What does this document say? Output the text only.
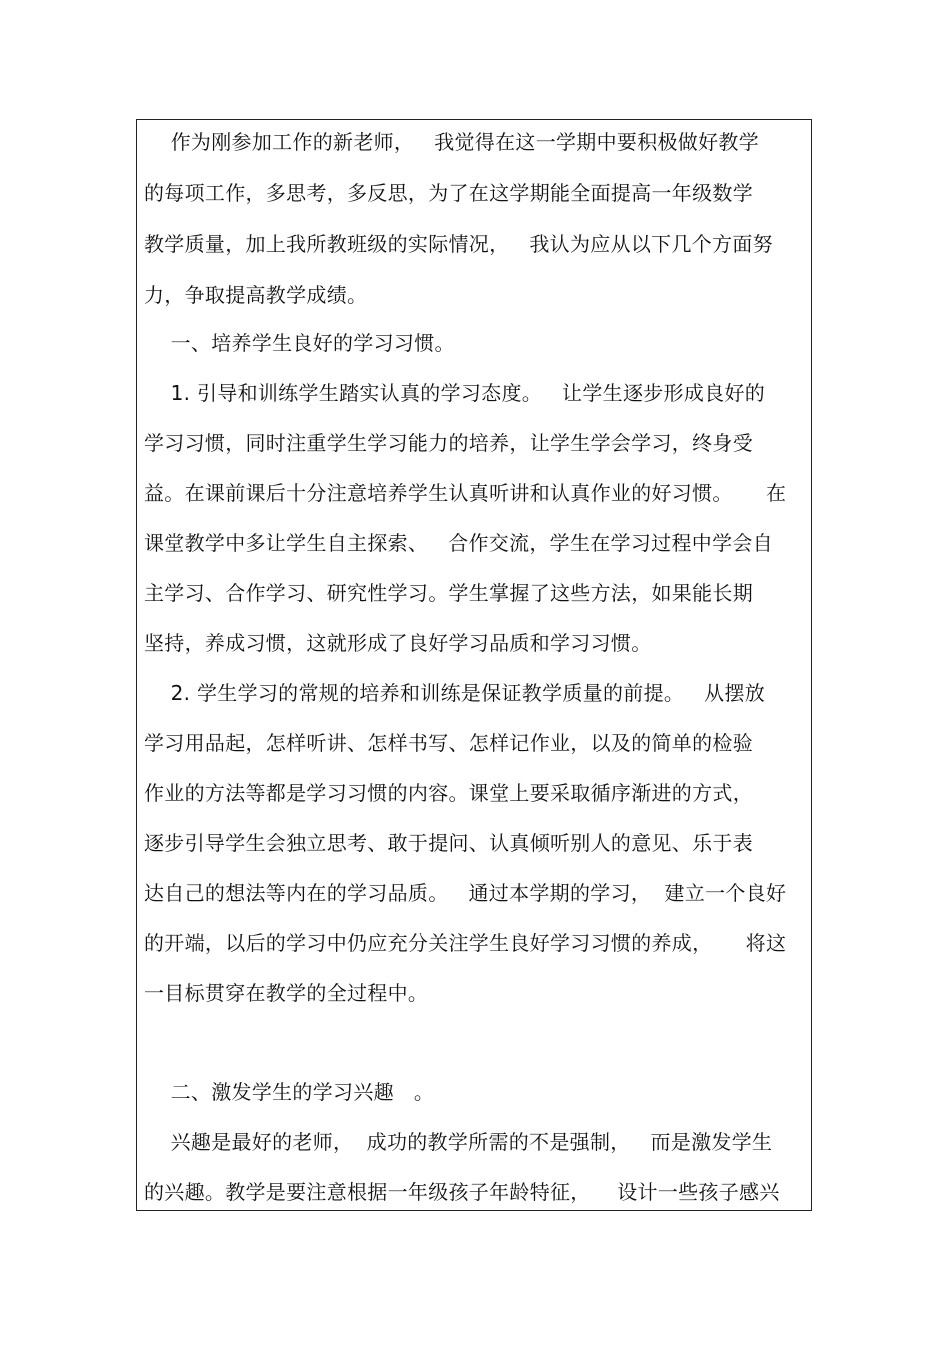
作为刚参加工作的新老师，   我觉得在这一学期中要积极做好教学
的每项工作，多思考，多反思，为了在这学期能全面提高一年级数学
教学质量，加上我所教班级的实际情况，   我认为应从以下几个方面努
力，争取提高教学成绩。
一、培养学生良好的学习习惯。
1. 引导和训练学生踏实认真的学习态度。   让学生逐步形成良好的
学习习惯，同时注重学生学习能力的培养，让学生学会学习，终身受
益。在课前课后十分注意培养学生认真听讲和认真作业的好习惯。     在
课堂教学中多让学生自主探索、   合作交流，学生在学习过程中学会自
主学习、合作学习、研究性学习。学生掌握了这些方法，如果能长期
坚持，养成习惯，这就形成了良好学习品质和学习习惯。
2. 学生学习的常规的培养和训练是保证教学质量的前提。   从摆放
学习用品起，怎样听讲、怎样书写、怎样记作业，以及的简单的检验
作业的方法等都是学习习惯的内容。课堂上要采取循序渐进的方式，
逐步引导学生会独立思考、敢于提问、认真倾听别人的意见、乐于表
达自己的想法等内在的学习品质。   通过本学期的学习，  建立一个良好
的开端，以后的学习中仍应充分关注学生良好学习习惯的养成，     将这
一目标贯穿在教学的全过程中。
二、激发学生的学习兴趣   。
兴趣是最好的老师，  成功的教学所需的不是强制，   而是激发学生
的兴趣。教学是要注意根据一年级孩子年龄特征，    设计一些孩子感兴
